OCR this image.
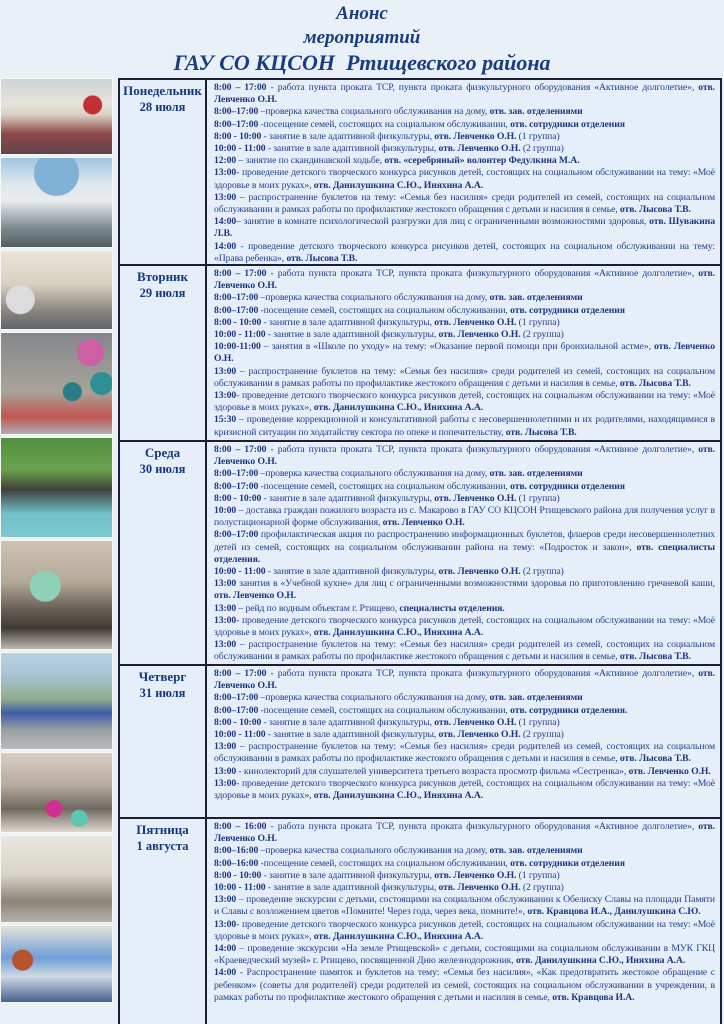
Анонс
мероприятий
ГАУ СО КЦСОН  Ртищевского района
Понедельник
28 июля

8:00 – 17:00 - работа пункта проката ТСР, пункта проката физкультурного оборудования «Активное долголетие», отв. Левченко О.Н.

8:00–17:00 –проверка качества социального обслуживания на дому, отв. зав. отделениями

8:00–17:00 -посещение семей, состоящих на социальном обслуживании, отв. сотрудники отделения

8:00 - 10:00 - занятие в зале адаптивной физкультуры, отв. Левченко О.Н. (1 группа)

10:00 - 11:00 - занятие в зале адаптивной физкультуры, отв. Левченко О.Н. (2 группа)

12:00 – занятие по скандинавской ходьбе, отв. «серебряный» волонтер Федулкина М.А.

13:00- проведение детского творческого конкурса рисунков детей, состоящих на социальном обслуживании на тему: «Моё здоровье в моих руках», отв. Данилушкина С.Ю., Иняхина А.А.

13:00 – распространение буклетов на тему: «Семья без насилия» среди родителей из семей, состоящих на социальном обслуживании в рамках работы по профилактике жестокого обращения с детьми и насилия в семье, отв. Лысова Т.В.

14:00– занятие в комнате психологической разгрузки для лиц с ограниченными возможностями здоровья, отв. Шувакина Л.В.

14:00 - проведение детского творческого конкурса рисунков детей, состоящих на социальном обслуживании на тему: «Права ребенка», отв. Лысова Т.В.

Вторник
29 июля

8:00 – 17:00 - работа пункта проката ТСР, пункта проката физкультурного оборудования «Активное долголетие», отв. Левченко О.Н.

8:00–17:00 –проверка качества социального обслуживания на дому, отв. зав. отделениями

8:00–17:00 -посещение семей, состоящих на социальном обслуживании, отв. сотрудники отделения

8:00 - 10:00 - занятие в зале адаптивной физкультуры, отв. Левченко О.Н. (1 группа)

10:00 - 11:00 - занятие в зале адаптивной физкультуры, отв. Левченко О.Н. (2 группа)

10:00-11:00 – занятия в «Школе по уходу» на тему: «Оказание первой помощи при бронхиальной астме», отв. Левченко О.Н.

13:00 – распространение буклетов на тему: «Семья без насилия» среди родителей из семей, состоящих на социальном обслуживании в рамках работы по профилактике жестокого обращения с детьми и насилия в семье, отв. Лысова Т.В.

13:00- проведение детского творческого конкурса рисунков детей, состоящих на социальном обслуживании на тему: «Моё здоровье в моих руках», отв. Данилушкина С.Ю., Иняхина А.А.

15:30 – проведение коррекционной и консультативной работы с несовершеннолетними и их родителями, находящимися в кризисной ситуации по ходатайству сектора по опеке и попечительству, отв. Лысова Т.В.

Среда
30 июля

8:00 – 17:00 - работа пункта проката ТСР, пункта проката физкультурного оборудования «Активное долголетие», отв. Левченко О.Н.

8:00–17:00 –проверка качества социального обслуживания на дому, отв. зав. отделениями

8:00–17:00 -посещение семей, состоящих на социальном обслуживании, отв. сотрудники отделения

8:00 - 10:00 - занятие в зале адаптивной физкультуры, отв. Левченко О.Н. (1 группа)

10:00 – доставка граждан пожилого возраста из с. Макарово в ГАУ СО КЦСОН Ртищевского района для получения услуг в полустационарной форме обслуживания, отв. Левченко О.Н.

8:00–17:00 профилактическая акция по распространению информационных буклетов, флаеров среди несовершеннолетних детей из семей, состоящих на социальном обслуживании района на тему: «Подросток и закон», отв. специалисты отделения.

10:00 - 11:00 - занятие в зале адаптивной физкультуры, отв. Левченко О.Н. (2 группа)

13:00 занятия в «Учебной кухне» для лиц с ограниченными возможностями здоровья по приготовлению гречневой каши, отв. Левченко О.Н.

13:00 – рейд по водным объектам г. Ртищево, специалисты отделения.

13:00- проведение детского творческого конкурса рисунков детей, состоящих на социальном обслуживании на тему: «Моё здоровье в моих руках», отв. Данилушкина С.Ю., Иняхина А.А.

13:00 – распространение буклетов на тему: «Семья без насилия» среди родителей из семей, состоящих на социальном обслуживании в рамках работы по профилактике жестокого обращения с детьми и насилия в семье, отв. Лысова Т.В.

Четверг
31 июля

8:00 – 17:00 - работа пункта проката ТСР, пункта проката физкультурного оборудования «Активное долголетие», отв. Левченко О.Н.

8:00–17:00 –проверка качества социального обслуживания на дому, отв. зав. отделениями

8:00–17:00 -посещение семей, состоящих на социальном обслуживании, отв. сотрудники отделения.

8:00 - 10:00 - занятие в зале адаптивной физкультуры, отв. Левченко О.Н. (1 группа)

10:00 - 11:00 - занятие в зале адаптивной физкультуры, отв. Левченко О.Н. (2 группа)

13:00 – распространение буклетов на тему: «Семья без насилия» среди родителей из семей, состоящих на социальном обслуживании в рамках работы по профилактике жестокого обращения с детьми и насилия в семье, отв. Лысова Т.В.

13:00 - кинолекторий для слушателей университета третьего возраста просмотр фильма «Сестренка», отв. Левченко О.Н.

13:00- проведение детского творческого конкурса рисунков детей, состоящих на социальном обслуживании на тему: «Моё здоровье в моих руках», отв. Данилушкина С.Ю., Иняхина А.А.

Пятница
1 августа

8:00 – 16:00 - работа пункта проката ТСР, пункта проката физкультурного оборудования «Активное долголетие», отв. Левченко О.Н.

8:00–16:00 –проверка качества социального обслуживания на дому, отв. зав. отделениями

8:00–16:00 -посещение семей, состоящих на социальном обслуживании, отв. сотрудники отделения

8:00 - 10:00 - занятие в зале адаптивной физкультуры, отв. Левченко О.Н. (1 группа)

10:00 - 11:00 - занятие в зале адаптивной физкультуры, отв. Левченко О.Н. (2 группа)

13:00 – проведение экскурсии с детьми, состоящими на социальном обслуживании к Обелиску Славы на площади Памяти и Славы с возложением цветов «Помните! Через года, через века, помните!», отв. Кравцова И.А., Данилушкина С.Ю.

13:00- проведение детского творческого конкурса рисунков детей, состоящих на социальном обслуживании на тему: «Моё здоровье в моих руках», отв. Данилушкина С.Ю., Иняхина А.А.

14:00 – проведение экскурсии «На земле Ртищевской» с детьми, состоящими на социальном обслуживании в МУК ГКЦ «Краеведческий музей» г. Ртищево, посвященной Дню железнодорожник, отв. Данилушкина С.Ю., Иняхина А.А.

14:00 - Распространение памяток и буклетов на тему: «Семья без насилия», «Как предотвратить жестокое обращение с ребенком» (советы для родителей) среди родителей из семей, состоящих на социальном обслуживании в учреждении, в рамках работы по профилактике жестокого обращения с детьми и насилия в семье, отв. Кравцова И.А.
